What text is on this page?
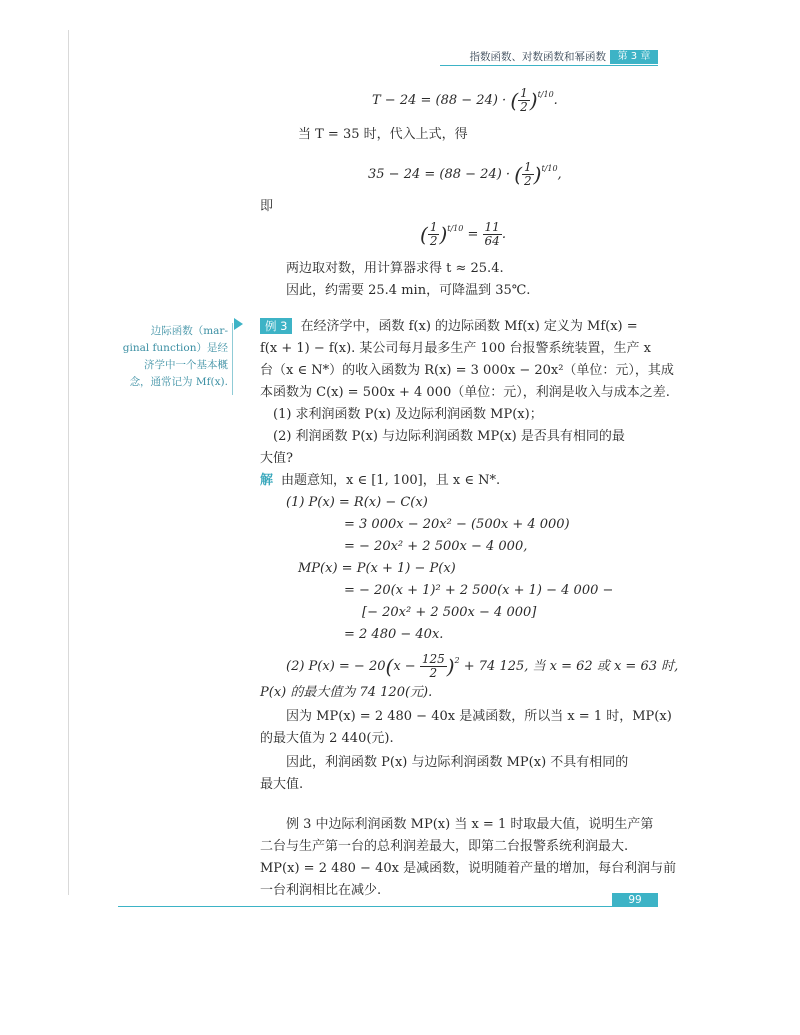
指数函数、对数函数和幂函数	第 3 章
T − 24 = (88 − 24) · ( $\frac{1}{2} )^{t/10}$.
当 T = 35 时，代入上式，得
35 − 24 = (88 − 24) · ( $\frac{1}{2} )^{t/10}$,
即
( $\frac{1}{2} )^{t/10} = \frac{11}{64}$ .
两边取对数，用计算器求得 t ≈ 25.4.
因此，约需要 25.4 min，可降温到 35℃.
边际函数（mar-
ginal function）是经
济学中一个基本概
念，通常记为 Mf(x).
例 3 在经济学中，函数 f(x) 的边际函数 Mf(x) 定义为 Mf(x) =
f(x + 1) − f(x). 某公司每月最多生产 100 台报警系统装置，生产 x
台（x ∈ N*）的收入函数为 R(x) = 3 000x − 20x²（单位：元），其成
本函数为 C(x) = 500x + 4 000（单位：元），利润是收入与成本之差.
(1) 求利润函数 P(x) 及边际利润函数 MP(x)；
(2) 利润函数 P(x) 与边际利润函数 MP(x) 是否具有相同的最
大值?
解 由题意知，x ∈ [1, 100]，且 x ∈ N*.
(1) P(x) = R(x) − C(x)
= 3 000x − 20x² − (500x + 4 000)
= − 20x² + 2 500x − 4 000,
MP(x) = P(x + 1) − P(x)
= − 20(x + 1)² + 2 500(x + 1) − 4 000 −
[− 20x² + 2 500x − 4 000]
= 2 480 − 40x.
(2) P(x) = − $20(x - \frac{125}{2} )^2 + 74$ 125, 当 x = 62 或 x = 63 时,
P(x) 的最大值为 74 120(元).
因为 MP(x) = 2 480 − 40x 是减函数，所以当 x = 1 时，MP(x)
的最大值为 2 440(元).
因此，利润函数 P(x) 与边际利润函数 MP(x) 不具有相同的
最大值.
例 3 中边际利润函数 MP(x) 当 x = 1 时取最大值，说明生产第
二台与生产第一台的总利润差最大，即第二台报警系统利润最大.
MP(x) = 2 480 − 40x 是减函数，说明随着产量的增加，每台利润与前
一台利润相比在减少.
99
